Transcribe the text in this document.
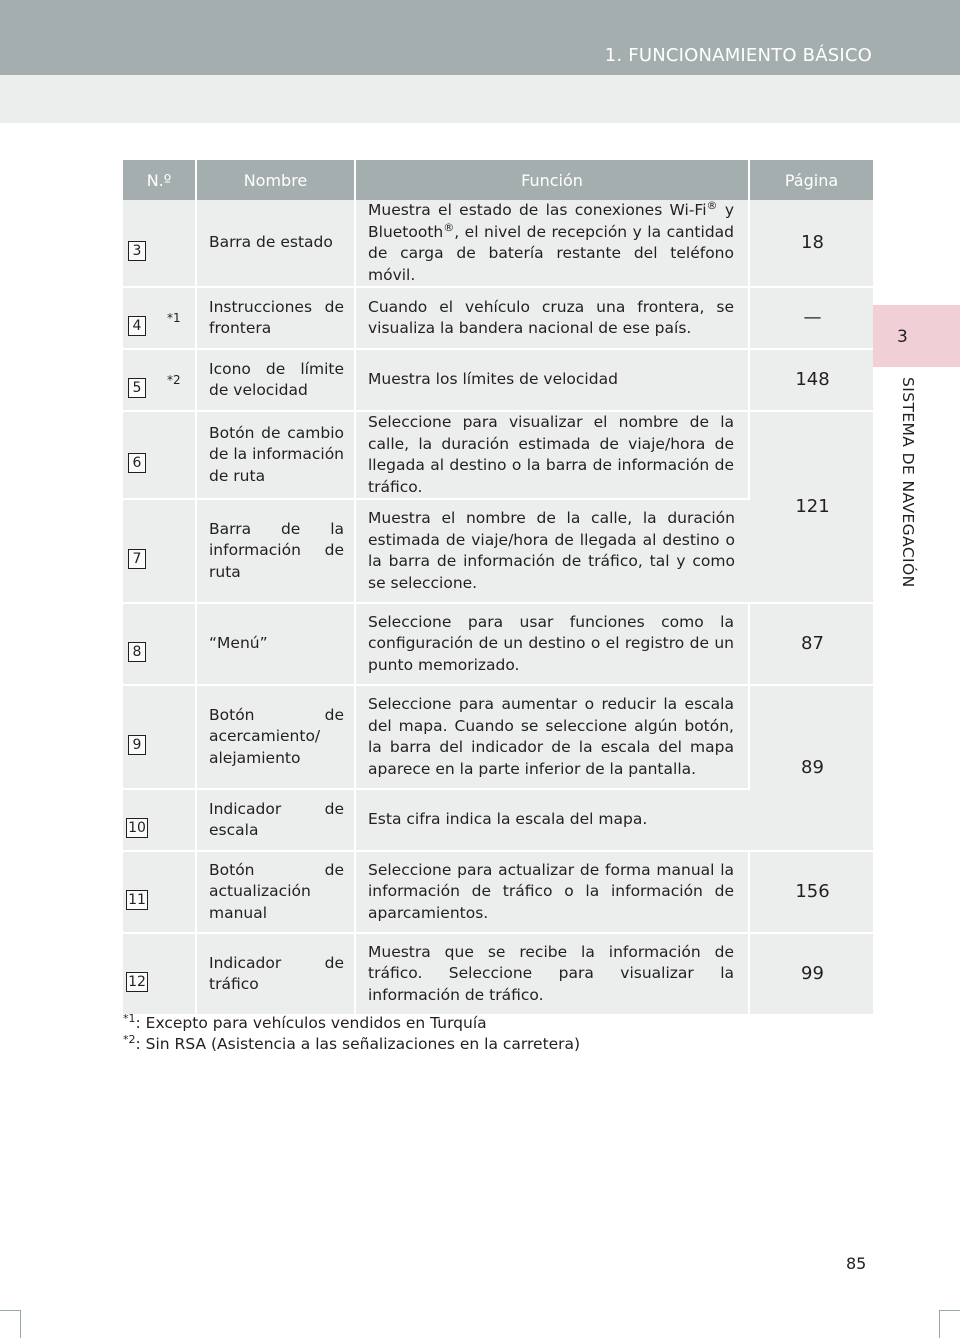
1. FUNCIONAMIENTO BÁSICO
3
SISTEMA DE NAVEGACIÓN
N.º	Nombre	Función	Página
3	Barra de estado	Muestra el estado de las conexiones Wi-Fi® y Bluetooth®, el nivel de recepción y la cantidad de carga de batería restante del teléfono móvil.	18
4 *1	Instrucciones de frontera	Cuando el vehículo cruza una frontera, se visualiza la bandera nacional de ese país.	—
5 *2	Icono de límite de velocidad	Muestra los límites de velocidad	148
6	Botón de cambio de la información de ruta	Seleccione para visualizar el nombre de la calle, la duración estimada de viaje/hora de llegada al destino o la barra de información de tráfico.	121
7	Barra de la información de ruta	Muestra el nombre de la calle, la duración estimada de viaje/hora de llegada al destino o la barra de información de tráfico, tal y como se seleccione.	
8	“Menú”	Seleccione para usar funciones como la configuración de un destino o el registro de un punto memorizado.	87
9	Botón de acercamiento/ alejamiento	Seleccione para aumentar o reducir la escala del mapa. Cuando se seleccione algún botón, la barra del indicador de la escala del mapa aparece en la parte inferior de la pantalla.	89
10	Indicador de escala	Esta cifra indica la escala del mapa.	
11	Botón de actualización manual	Seleccione para actualizar de forma manual la información de tráfico o la información de aparcamientos.	156
12	Indicador de tráfico	Muestra que se recibe la información de tráfico. Seleccione para visualizar la información de tráfico.	99
$^{*1}$: Excepto para vehículos vendidos en Turquía
$^{*2}$: Sin RSA (Asistencia a las señalizaciones en la carretera)
85
